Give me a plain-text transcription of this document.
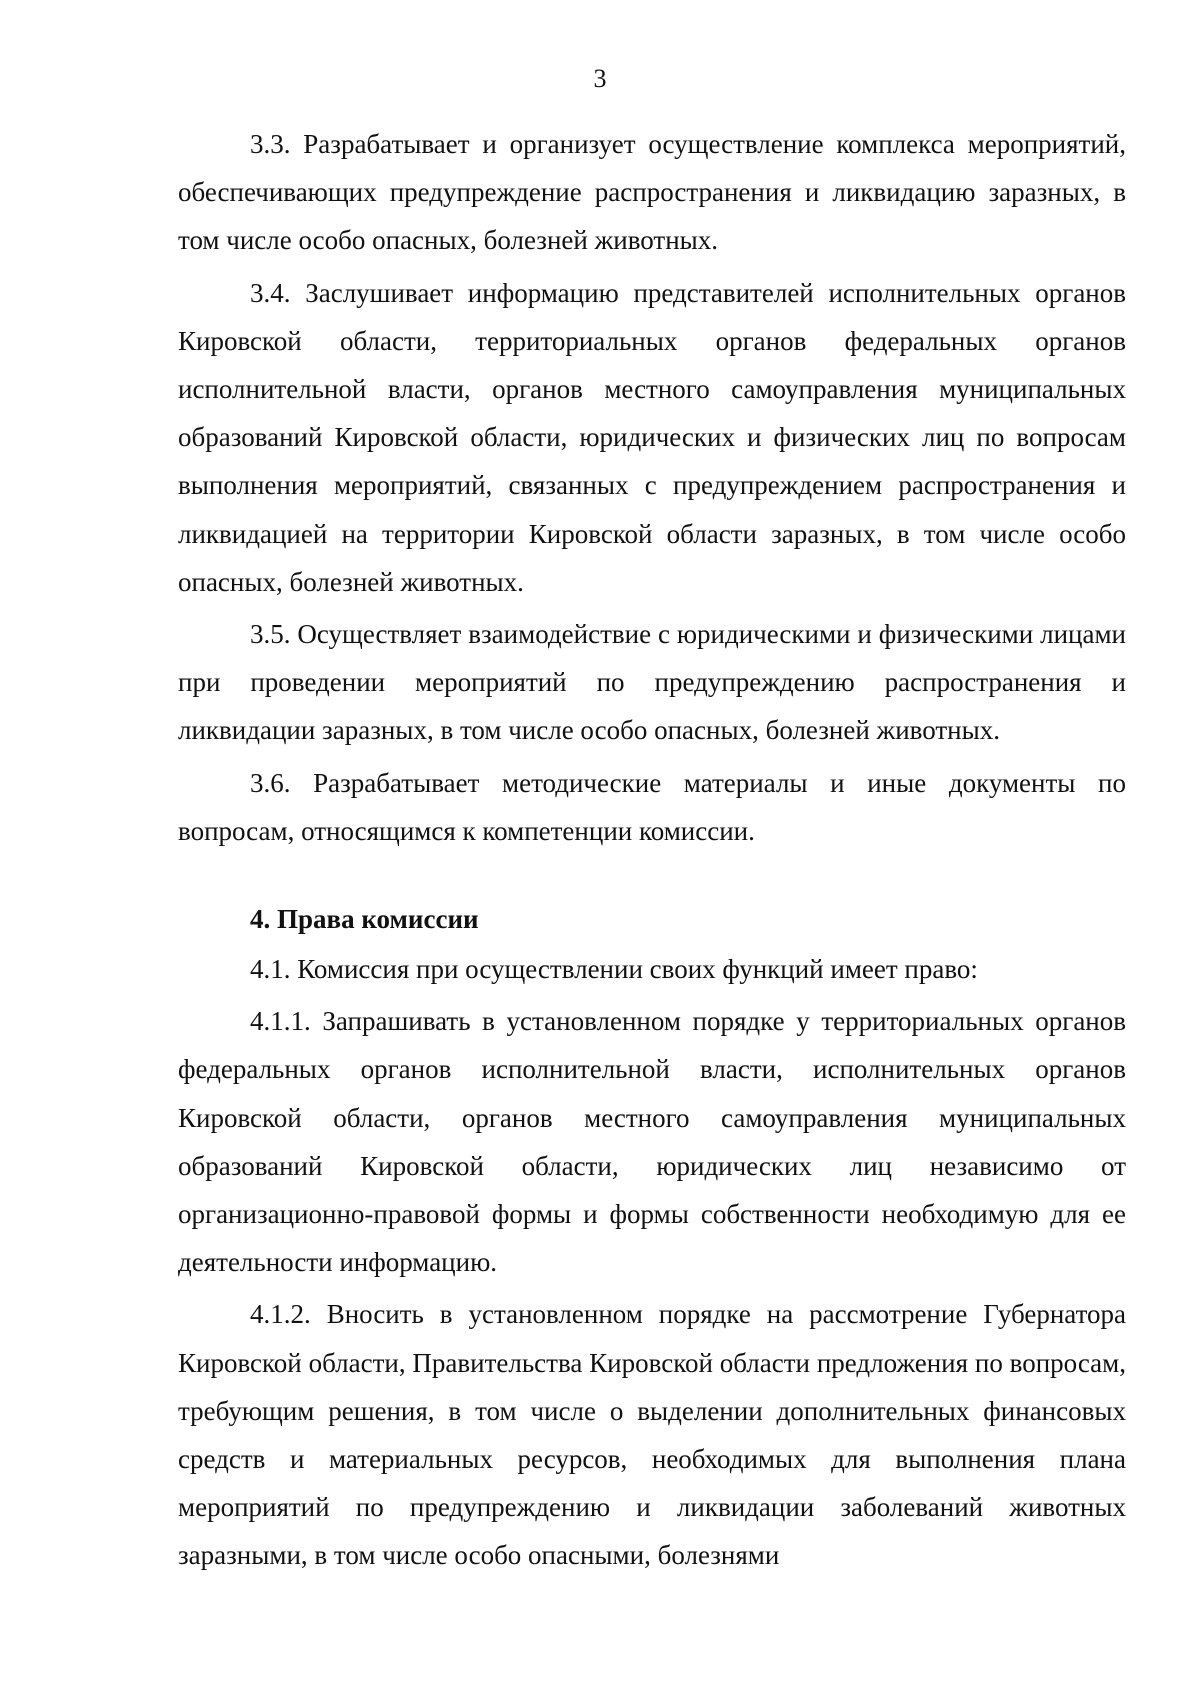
3

3.3. Разрабатывает и организует осуществление комплекса мероприятий, обеспечивающих предупреждение распространения и ликвидацию заразных, в том числе особо опасных, болезней животных.

3.4. Заслушивает информацию представителей исполнительных органов Кировской области, территориальных органов федеральных органов исполнительной власти, органов местного самоуправления муниципальных образований Кировской области, юридических и физических лиц по вопросам выполнения мероприятий, связанных с предупреждением распространения и ликвидацией на территории Кировской области заразных, в том числе особо опасных, болезней животных.

3.5. Осуществляет взаимодействие с юридическими и физическими лицами при проведении мероприятий по предупреждению распространения и ликвидации заразных, в том числе особо опасных, болезней животных.

3.6. Разрабатывает методические материалы и иные документы по вопросам, относящимся к компетенции комиссии.

4. Права комиссии

4.1. Комиссия при осуществлении своих функций имеет право:

4.1.1. Запрашивать в установленном порядке у территориальных органов федеральных органов исполнительной власти, исполнительных органов Кировской области, органов местного самоуправления муниципальных образований Кировской области, юридических лиц независимо от организационно-правовой формы и формы собственности необходимую для ее деятельности информацию.

4.1.2. Вносить в установленном порядке на рассмотрение Губернатора Кировской области, Правительства Кировской области предложения по вопросам, требующим решения, в том числе о выделении дополнительных финансовых средств и материальных ресурсов, необходимых для выполнения плана мероприятий по предупреждению и ликвидации заболеваний животных заразными, в том числе особо опасными, болезнями
